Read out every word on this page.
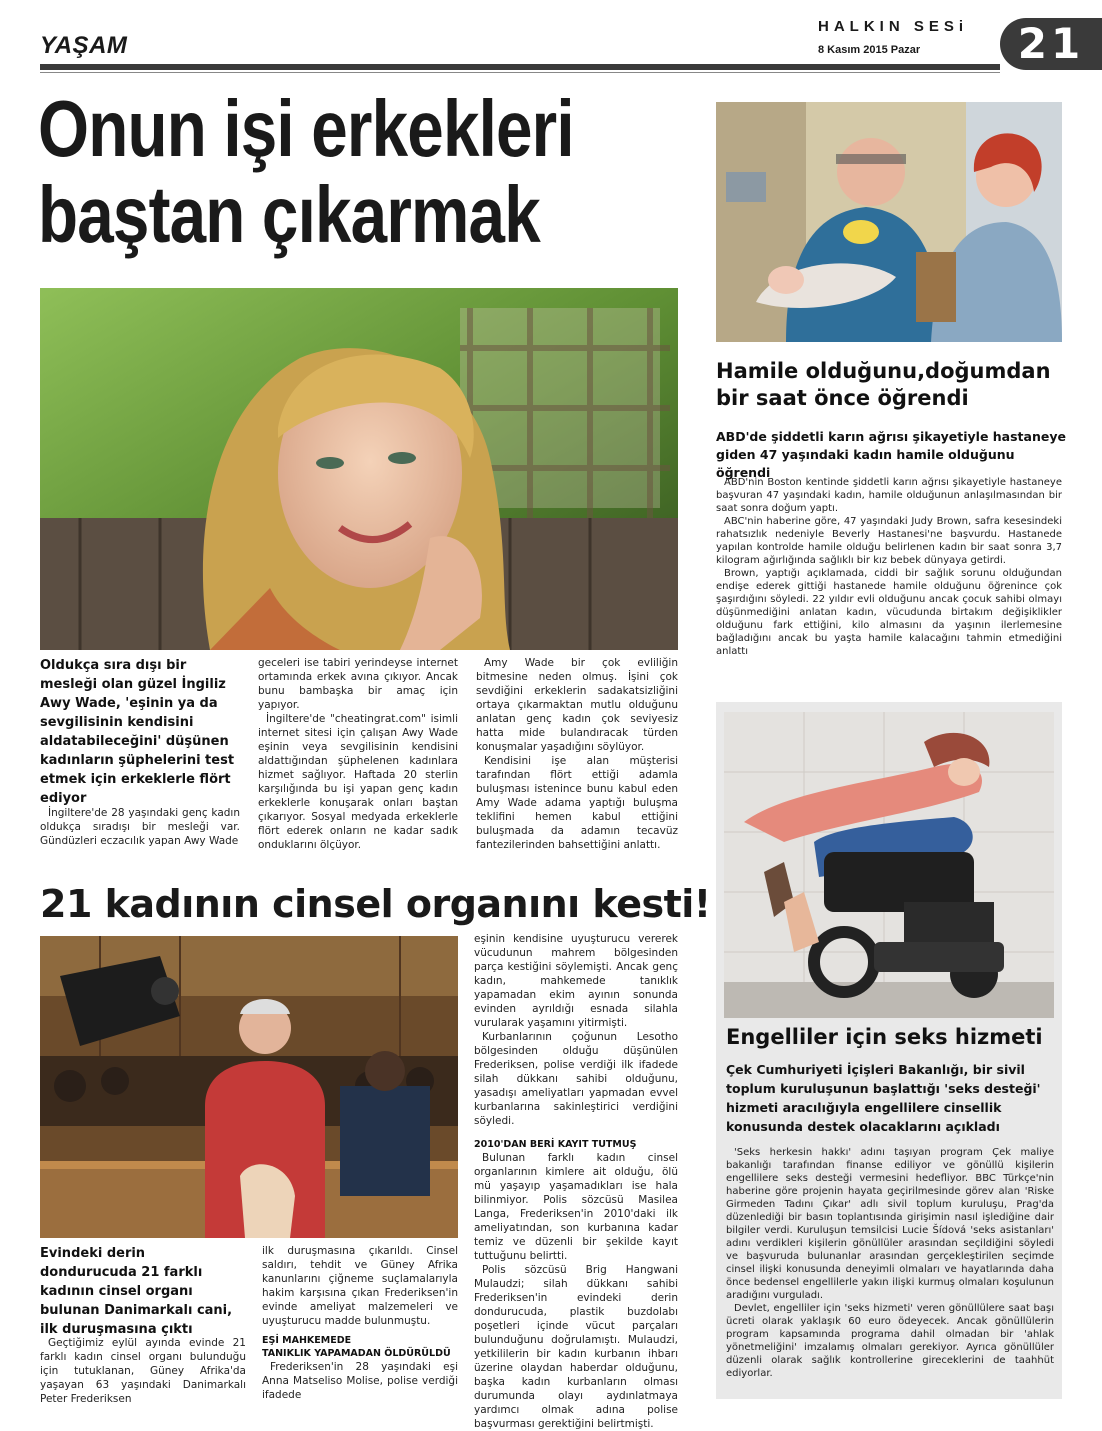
YAŞAM
HALKIN SESi
8 Kasım 2015 Pazar	21
Onun işi erkekleri
baştan çıkarmak
Oldukça sıra dışı bir mesleği olan güzel İngiliz Awy Wade, 'eşinin ya da sevgilisinin kendisini aldatabileceğini' düşünen kadınların şüphelerini test etmek için erkeklerle flört ediyor

İngiltere'de 28 yaşındaki genç kadın oldukça sıradışı bir mesleği var. Gündüzleri eczacılık yapan Awy Wade

geceleri ise tabiri yerindeyse internet ortamında erkek avına çıkıyor. Ancak bunu bambaşka bir amaç için yapıyor.

İngiltere'de "cheatingrat.com" isimli internet sitesi için çalışan Awy Wade eşinin veya sevgilisinin kendisini aldattığından şüphelenen kadınlara hizmet sağlıyor. Haftada 20 sterlin karşılığında bu işi yapan genç kadın erkeklerle konuşarak onları baştan çıkarıyor. Sosyal medyada erkeklerle flört ederek onların ne kadar sadık onduklarını ölçüyor.

Amy Wade bir çok evliliğin bitmesine neden olmuş. İşini çok sevdiğini erkeklerin sadakatsizliğini ortaya çıkarmaktan mutlu olduğunu anlatan genç kadın çok seviyesiz hatta mide bulandıracak türden konuşmalar yaşadığını söylüyor.

Kendisini işe alan müşterisi tarafından flört ettiği adamla buluşması istenince bunu kabul eden Amy Wade adama yaptığı buluşma teklifini hemen kabul ettiğini buluşmada da adamın tecavüz fantezilerinden bahsettiğini anlattı.

Hamile olduğunu,doğumdan
bir saat önce öğrendi
ABD'de şiddetli karın ağrısı şikayetiyle hastaneye giden 47 yaşındaki kadın hamile olduğunu öğrendi

ABD'nin Boston kentinde şiddetli karın ağrısı şikayetiyle hastaneye başvuran 47 yaşındaki kadın, hamile olduğunun anlaşılmasından bir saat sonra doğum yaptı.

ABC'nin haberine göre, 47 yaşındaki Judy Brown, safra kesesindeki rahatsızlık nedeniyle Beverly Hastanesi'ne başvurdu. Hastanede yapılan kontrolde hamile olduğu belirlenen kadın bir saat sonra 3,7 kilogram ağırlığında sağlıklı bir kız bebek dünyaya getirdi.

Brown, yaptığı açıklamada, ciddi bir sağlık sorunu olduğundan endişe ederek gittiği hastanede hamile olduğunu öğrenince çok şaşırdığını söyledi. 22 yıldır evli olduğunu ancak çocuk sahibi olmayı düşünmediğini anlatan kadın, vücudunda birtakım değişiklikler olduğunu fark ettiğini, kilo almasını da yaşının ilerlemesine bağladığını ancak bu yaşta hamile kalacağını tahmin etmediğini anlattı

21 kadının cinsel organını kesti!
Evindeki derin dondurucuda 21 farklı kadının cinsel organı bulunan Danimarkalı cani, ilk duruşmasına çıktı

Geçtiğimiz eylül ayında evinde 21 farklı kadın cinsel organı bulunduğu için tutuklanan, Güney Afrika'da yaşayan 63 yaşındaki Danimarkalı Peter Frederiksen

ilk duruşmasına çıkarıldı. Cinsel saldırı, tehdit ve Güney Afrika kanunlarını çiğneme suçlamalarıyla hakim karşısına çıkan Frederiksen'in evinde ameliyat malzemeleri ve uyuşturucu madde bulunmuştu.

EŞİ MAHKEMEDE
TANIKLIK YAPAMADAN ÖLDÜRÜLDÜ

Frederiksen'in 28 yaşındaki eşi Anna Matseliso Molise, polise verdiği ifadede

eşinin kendisine uyuşturucu vererek vücudunun mahrem bölgesinden parça kestiğini söylemişti. Ancak genç kadın, mahkemede tanıklık yapamadan ekim ayının sonunda evinden ayrıldığı esnada silahla vurularak yaşamını yitirmişti.

Kurbanlarının çoğunun Lesotho bölgesinden olduğu düşünülen Frederiksen, polise verdiği ilk ifadede silah dükkanı sahibi olduğunu, yasadışı ameliyatları yapmadan evvel kurbanlarına sakinleştirici verdiğini söyledi.

2010'DAN BERİ KAYIT TUTMUŞ

Bulunan farklı kadın cinsel organlarının kimlere ait olduğu, ölü mü yaşayıp yaşamadıkları ise hala bilinmiyor. Polis sözcüsü Masilea Langa, Frederiksen'in 2010'daki ilk ameliyatından, son kurbanına kadar temiz ve düzenli bir şekilde kayıt tuttuğunu belirtti.

Polis sözcüsü Brig Hangwani Mulaudzi; silah dükkanı sahibi Frederiksen'in evindeki derin dondurucuda, plastik buzdolabı poşetleri içinde vücut parçaları bulunduğunu doğrulamıştı. Mulaudzi, yetkililerin bir kadın kurbanın ihbarı üzerine olaydan haberdar olduğunu, başka kadın kurbanların olması durumunda olayı aydınlatmaya yardımcı olmak adına polise başvurması gerektiğini belirtmişti.

Engelliler için seks hizmeti
Çek Cumhuriyeti İçişleri Bakanlığı, bir sivil toplum kuruluşunun başlattığı 'seks desteği' hizmeti aracılığıyla engellilere cinsellik konusunda destek olacaklarını açıkladı

'Seks herkesin hakkı' adını taşıyan program Çek maliye bakanlığı tarafından finanse ediliyor ve gönüllü kişilerin engellilere seks desteği vermesini hedefliyor. BBC Türkçe'nin haberine göre projenin hayata geçirilmesinde görev alan 'Riske Girmeden Tadını Çıkar' adlı sivil toplum kuruluşu, Prag'da düzenlediği bir basın toplantısında girişimin nasıl işlediğine dair bilgiler verdi. Kuruluşun temsilcisi Lucie Šídová 'seks asistanları' adını verdikleri kişilerin gönüllüler arasından seçildiğini söyledi ve başvuruda bulunanlar arasından gerçekleştirilen seçimde cinsel ilişki konusunda deneyimli olmaları ve hayatlarında daha önce bedensel engellilerle yakın ilişki kurmuş olmaları koşulunun aradığını vurguladı.

Devlet, engelliler için 'seks hizmeti' veren gönüllülere saat başı ücreti olarak yaklaşık 60 euro ödeyecek. Ancak gönüllülerin program kapsamında programa dahil olmadan bir 'ahlak yönetmeliğini' imzalamış olmaları gerekiyor. Ayrıca gönüllüler düzenli olarak sağlık kontrollerine gireceklerini de taahhüt ediyorlar.
